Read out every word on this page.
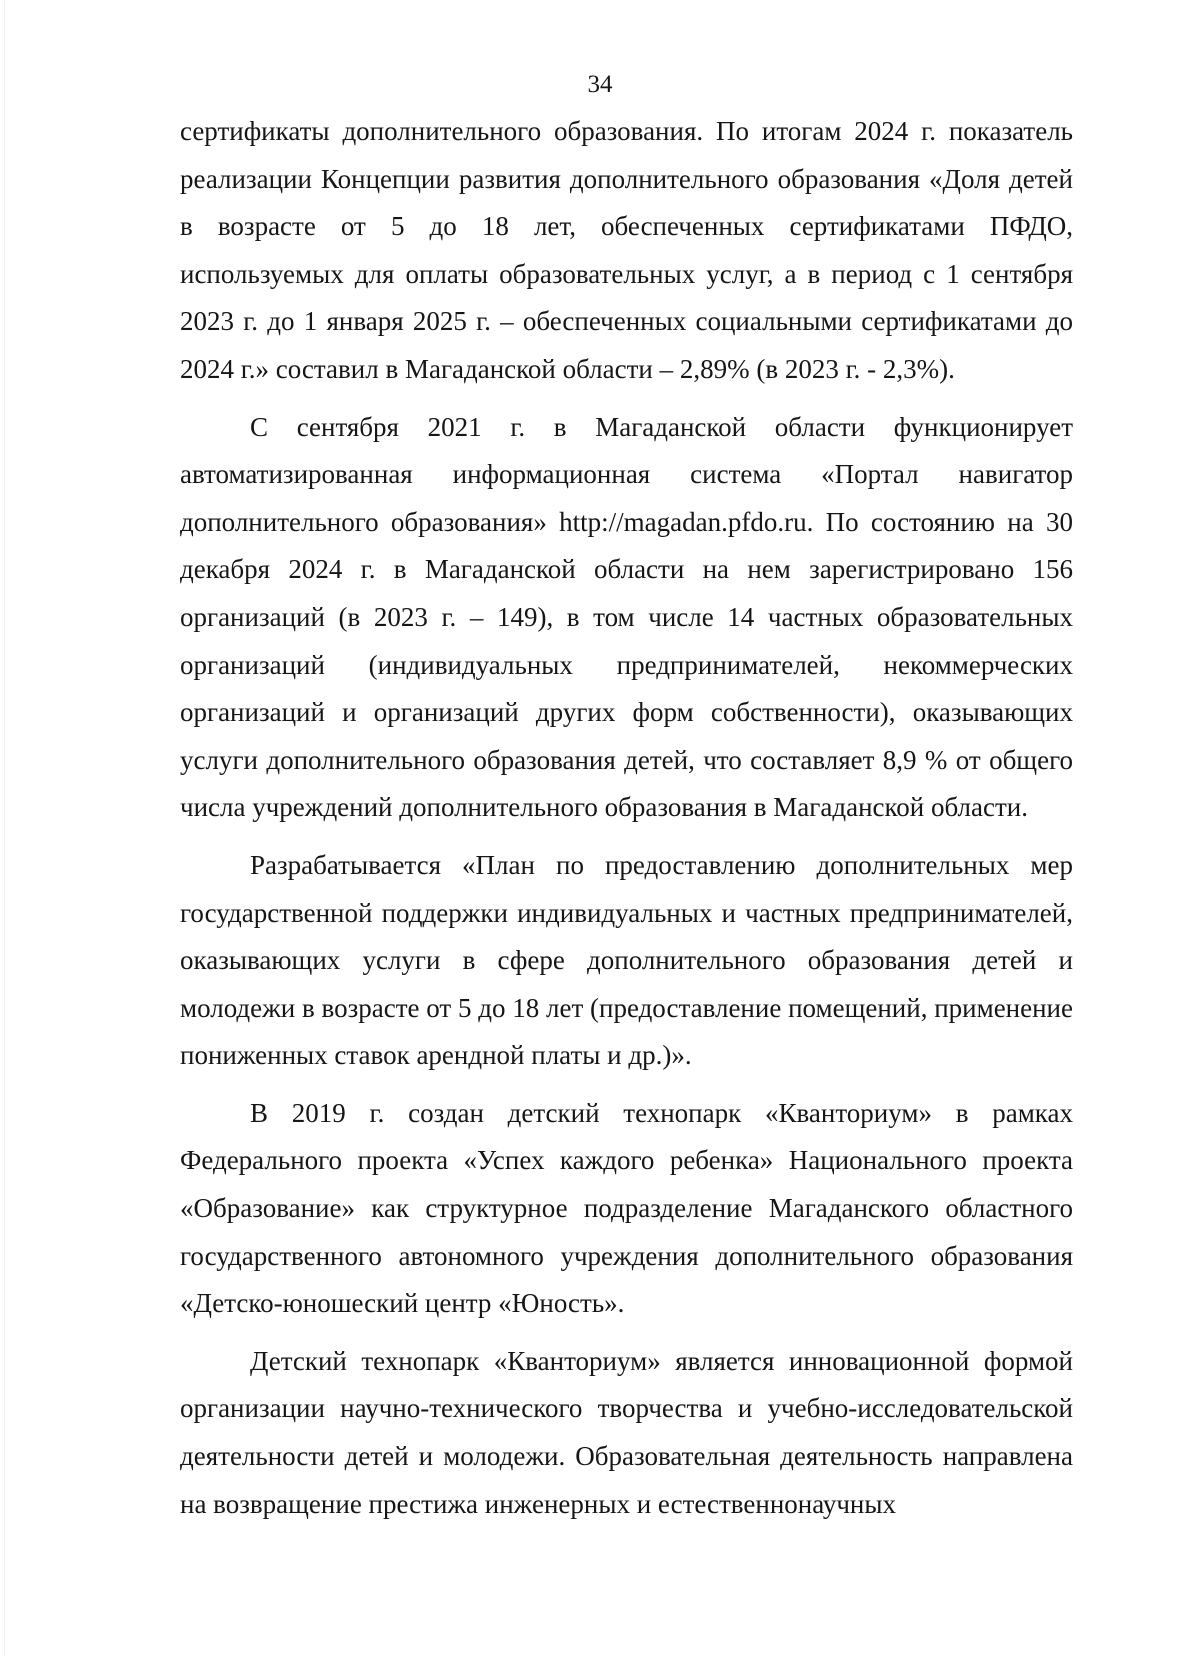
34

сертификаты дополнительного образования. По итогам 2024 г. показатель реализации Концепции развития дополнительного образования «Доля детей в возрасте от 5 до 18 лет, обеспеченных сертификатами ПФДО, используемых для оплаты образовательных услуг, а в период с 1 сентября 2023 г. до 1 января 2025 г. – обеспеченных социальными сертификатами до 2024 г.» составил в Магаданской области – 2,89% (в 2023 г. - 2,3%).

С сентября 2021 г. в Магаданской области функционирует автоматизированная информационная система «Портал навигатор дополнительного образования» http://magadan.pfdo.ru. По состоянию на 30 декабря 2024 г. в Магаданской области на нем зарегистрировано 156 организаций (в 2023 г. – 149), в том числе 14 частных образовательных организаций (индивидуальных предпринимателей, некоммерческих организаций и организаций других форм собственности), оказывающих услуги дополнительного образования детей, что составляет 8,9 % от общего числа учреждений дополнительного образования в Магаданской области.

Разрабатывается «План по предоставлению дополнительных мер государственной поддержки индивидуальных и частных предпринимателей, оказывающих услуги в сфере дополнительного образования детей и молодежи в возрасте от 5 до 18 лет (предоставление помещений, применение пониженных ставок арендной платы и др.)».

В 2019 г. создан детский технопарк «Кванториум» в рамках Федерального проекта «Успех каждого ребенка» Национального проекта «Образование» как структурное подразделение Магаданского областного государственного автономного учреждения дополнительного образования «Детско-юношеский центр «Юность».

Детский технопарк «Кванториум» является инновационной формой организации научно-технического творчества и учебно-исследовательской деятельности детей и молодежи. Образовательная деятельность направлена на возвращение престижа инженерных и естественнонаучных
